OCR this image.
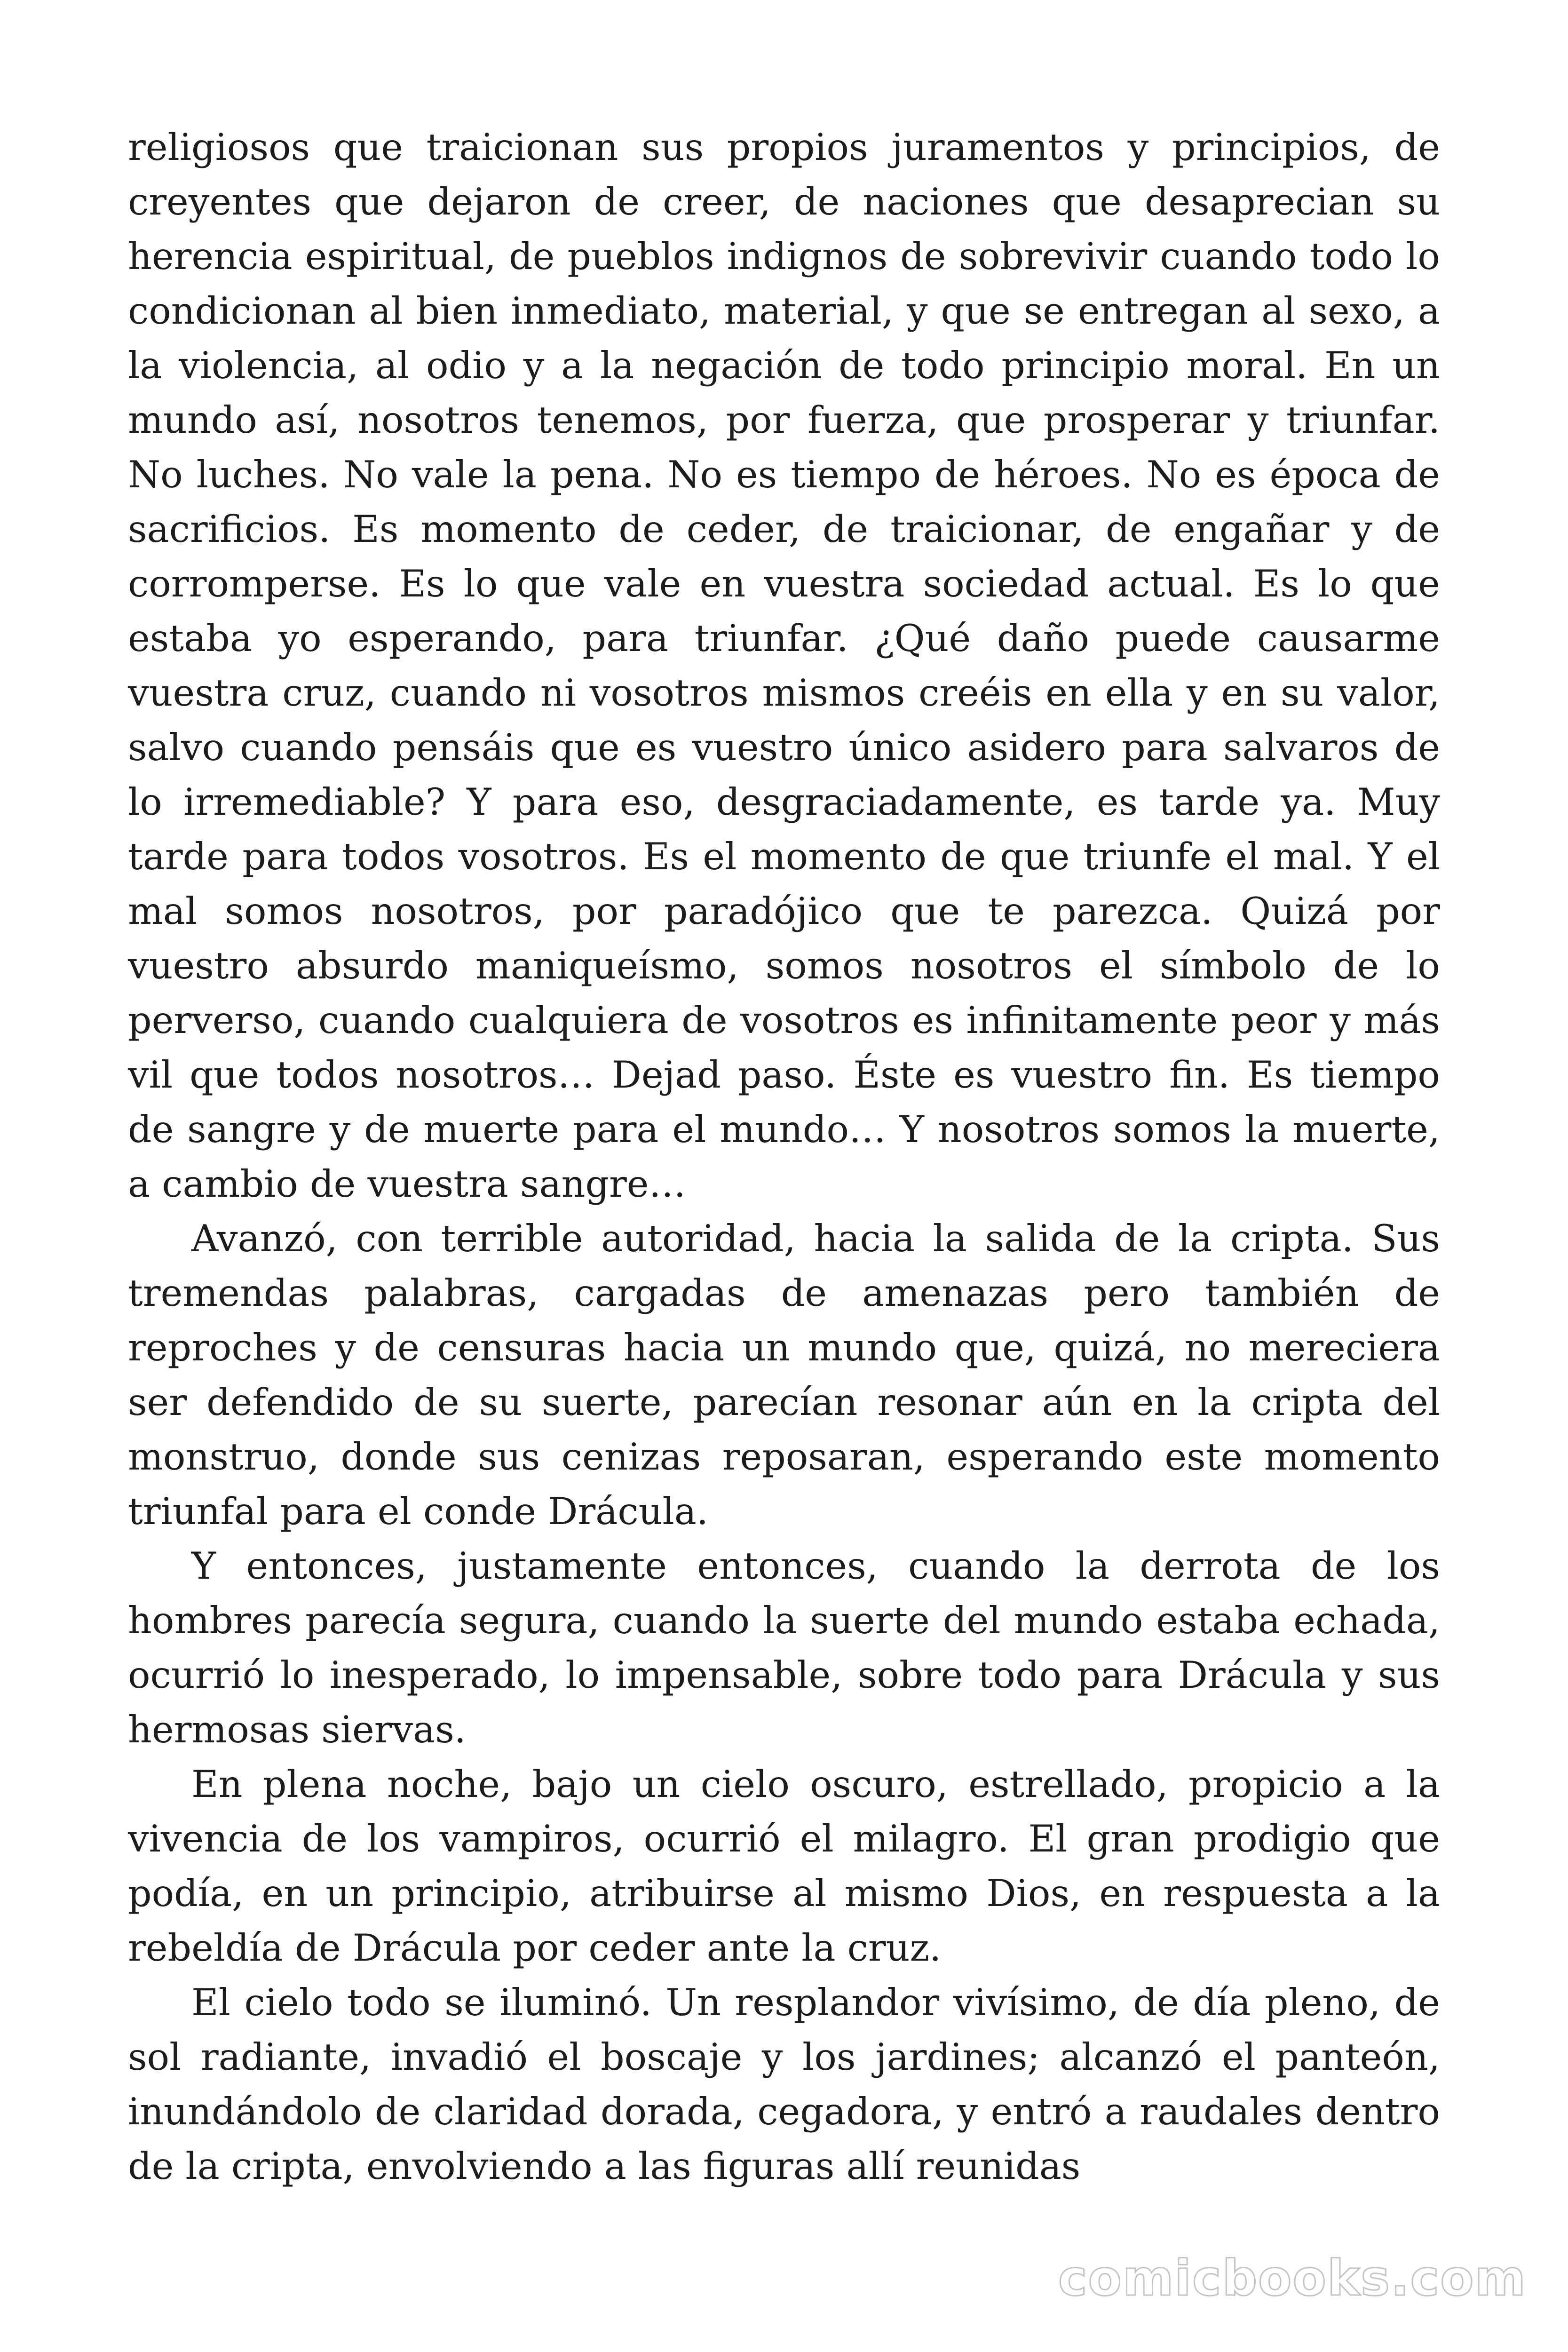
religiosos que traicionan sus propios juramentos y principios, de creyentes que dejaron de creer, de naciones que desaprecian su herencia espiritual, de pueblos indignos de sobrevivir cuando todo lo condicionan al bien inmediato, material, y que se entregan al sexo, a la violencia, al odio y a la negación de todo principio moral. En un mundo así, nosotros tenemos, por fuerza, que prosperar y triunfar. No luches. No vale la pena. No es tiempo de héroes. No es época de sacrificios. Es momento de ceder, de traicionar, de engañar y de corromperse. Es lo que vale en vuestra sociedad actual. Es lo que estaba yo esperando, para triunfar. ¿Qué daño puede causarme vuestra cruz, cuando ni vosotros mismos creéis en ella y en su valor, salvo cuando pensáis que es vuestro único asidero para salvaros de lo irremediable? Y para eso, desgraciadamente, es tarde ya. Muy tarde para todos vosotros. Es el momento de que triunfe el mal. Y el mal somos nosotros, por paradójico que te parezca. Quizá por vuestro absurdo maniqueísmo, somos nosotros el símbolo de lo perverso, cuando cualquiera de vosotros es infinitamente peor y más vil que todos nosotros… Dejad paso. Éste es vuestro fin. Es tiempo de sangre y de muerte para el mundo… Y nosotros somos la muerte, a cambio de vuestra sangre…

Avanzó, con terrible autoridad, hacia la salida de la cripta. Sus tremendas palabras, cargadas de amenazas pero también de reproches y de censuras hacia un mundo que, quizá, no mereciera ser defendido de su suerte, parecían resonar aún en la cripta del monstruo, donde sus cenizas reposaran, esperando este momento triunfal para el conde Drácula.

Y entonces, justamente entonces, cuando la derrota de los hombres parecía segura, cuando la suerte del mundo estaba echada, ocurrió lo inesperado, lo impensable, sobre todo para Drácula y sus hermosas siervas.

En plena noche, bajo un cielo oscuro, estrellado, propicio a la vivencia de los vampiros, ocurrió el milagro. El gran prodigio que podía, en un principio, atribuirse al mismo Dios, en respuesta a la rebeldía de Drácula por ceder ante la cruz.

El cielo todo se iluminó. Un resplandor vivísimo, de día pleno, de sol radiante, invadió el boscaje y los jardines; alcanzó el panteón, inundándolo de claridad dorada, cegadora, y entró a raudales dentro de la cripta, envolviendo a las figuras allí reunidas

comicbooks.com
